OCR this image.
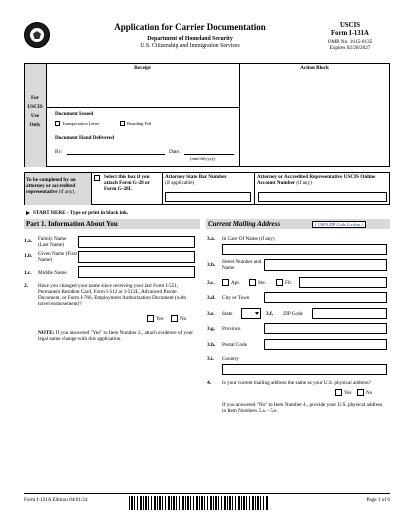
Application for Carrier Documentation
Department of Homeland Security
U.S. Citizenship and Immigration Services
USCIS
Form I-131A
OMB No. 1615-0135
Expires 02/28/2027
Receipt	Action Block
For
USCIS
Use
Only
Document Issued
Transportation Letter	Boarding Foil
Document Hand Delivered
By:	Date:
(mm/dd/yyyy)
To be completed by an attorney or accredited representative (if any).
Select this box if you attach Form G-28 or Form G-28I.
Attorney State Bar Number
(if applicable)
Attorney or Accredited Representative USCIS Online Account Number (if any)
START HERE - Type or print in black ink.
Part 1. Information About You
1.a. Family Name (Last Name)
1.b. Given Name (First Name)
1.c. Middle Name
2. Have you changed your name since receiving your last Form I-551, Permanent Resident Card, Form I-512 or I-512L, Advanced Parole Document, or Form I-766, Employment Authorization Document (with travel endorsement)?
Yes	No
NOTE: If you answered "Yes" to Item Number 2., attach evidence of your legal name change with this application.
Current Mailing Address	( USPS ZIP Code Lookup )
3.a. In Care Of Name (if any)
3.b. Street Number and Name
3.c.	Apt.	Ste.	Flr.
3.d. City or Town
3.e. State	3.f. ZIP Code
3.g. Province
3.h. Postal Code
3.i. Country
4. Is your current mailing address the same as your U.S. physical address?
Yes	No
If you answered "No" to Item Number 4., provide your U.S. physical address in Item Numbers 5.a. - 5.e.
Form I-131A Edition 04/01/24	Page 1 of 6
